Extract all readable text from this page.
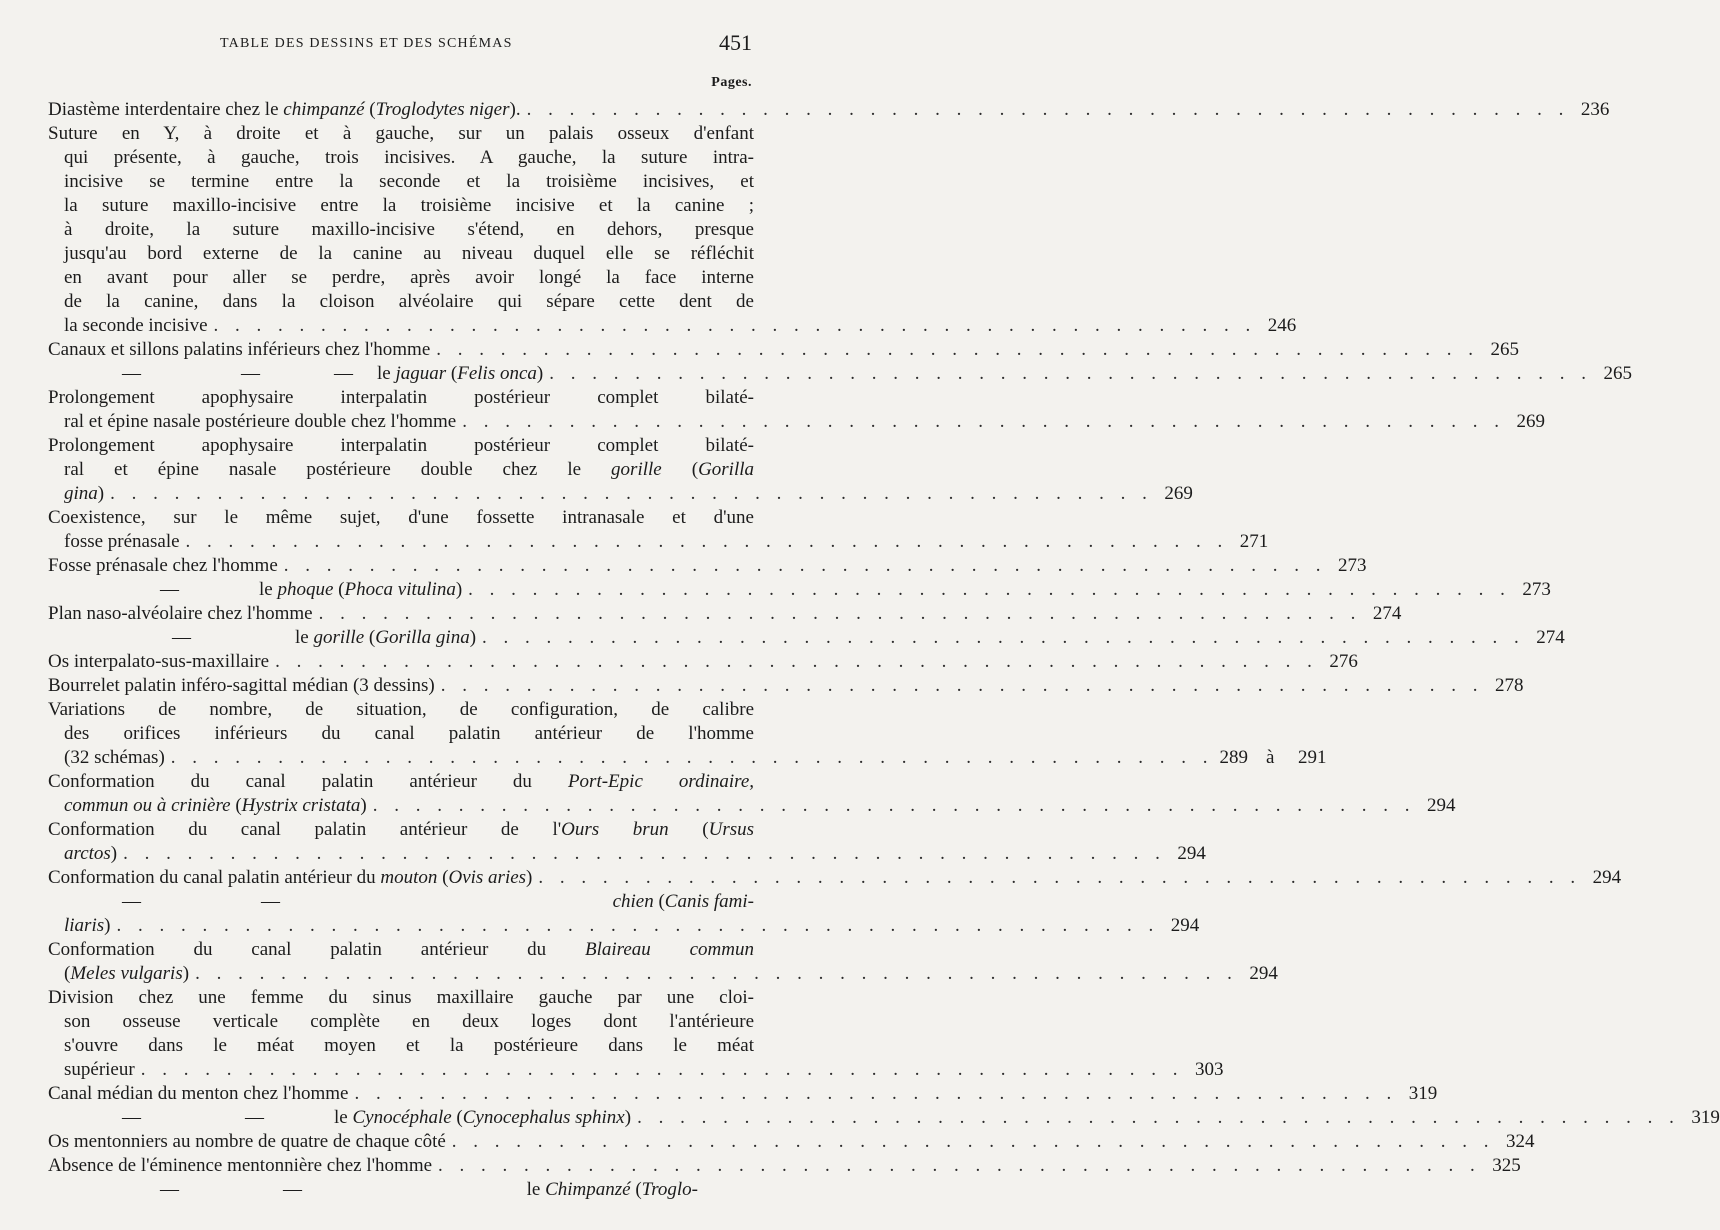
TABLE DES DESSINS ET DES SCHÉMAS	451
Pages.
Diastème interdentaire chez le chimpanzé (Troglodytes niger). . . . . . . . . . . . . . . . . . . . . . . . . . . . . . . . . . . . . . . . . . . . . . . . . . 236
Suture en Y, à droite et à gauche, sur un palais osseux d'enfant
qui présente, à gauche, trois incisives. A gauche, la suture intra-
incisive se termine entre la seconde et la troisième incisives, et
la suture maxillo-incisive entre la troisième incisive et la canine ;
à droite, la suture maxillo-incisive s'étend, en dehors, presque
jusqu'au bord externe de la canine au niveau duquel elle se réfléchit
en avant pour aller se perdre, après avoir longé la face interne
de la canine, dans la cloison alvéolaire qui sépare cette dent de
la seconde incisive . . . . . . . . . . . . . . . . . . . . . . . . . . . . . . . . . . . . . . . . . . . . . . . . . 246
Canaux et sillons palatins inférieurs chez l'homme . . . . . . . . . . . . . . . . . . . . . . . . . . . . . . . . . . . . . . . . . . . . . . . . . 265
—	—	— le jaguar (Felis onca) . . . . . . . . . . . . . . . . . . . . . . . . . . . . . . . . . . . . . . . . . . . . . . . . . 265
Prolongement apophysaire interpalatin postérieur complet bilaté-
ral et épine nasale postérieure double chez l'homme . . . . . . . . . . . . . . . . . . . . . . . . . . . . . . . . . . . . . . . . . . . . . . . . . 269
Prolongement apophysaire interpalatin postérieur complet bilaté-
ral et épine nasale postérieure double chez le gorille (Gorilla
gina) . . . . . . . . . . . . . . . . . . . . . . . . . . . . . . . . . . . . . . . . . . . . . . . . . 269
Coexistence, sur le même sujet, d'une fossette intranasale et d'une
fosse prénasale . . . . . . . . . . . . . . . . . . . . . . . . . . . . . . . . . . . . . . . . . . . . . . . . . 271
Fosse prénasale chez l'homme . . . . . . . . . . . . . . . . . . . . . . . . . . . . . . . . . . . . . . . . . . . . . . . . . 273
—	le phoque (Phoca vitulina) . . . . . . . . . . . . . . . . . . . . . . . . . . . . . . . . . . . . . . . . . . . . . . . . . 273
Plan naso-alvéolaire chez l'homme . . . . . . . . . . . . . . . . . . . . . . . . . . . . . . . . . . . . . . . . . . . . . . . . . 274
—	le gorille (Gorilla gina) . . . . . . . . . . . . . . . . . . . . . . . . . . . . . . . . . . . . . . . . . . . . . . . . . 274
Os interpalato-sus-maxillaire . . . . . . . . . . . . . . . . . . . . . . . . . . . . . . . . . . . . . . . . . . . . . . . . . 276
Bourrelet palatin inféro-sagittal médian (3 dessins) . . . . . . . . . . . . . . . . . . . . . . . . . . . . . . . . . . . . . . . . . . . . . . . . . 278
Variations de nombre, de situation, de configuration, de calibre
des orifices inférieurs du canal palatin antérieur de l'homme
(32 schémas) . . . . . . . . . . . . . . . . . . . . . . . . . . . . . . . . . . . . . . . . . . . . . . . . . 289 à	291
Conformation du canal palatin antérieur du Port-Epic ordinaire,
commun ou à crinière (Hystrix cristata) . . . . . . . . . . . . . . . . . . . . . . . . . . . . . . . . . . . . . . . . . . . . . . . . . 294
Conformation du canal palatin antérieur de l'Ours brun (Ursus
arctos) . . . . . . . . . . . . . . . . . . . . . . . . . . . . . . . . . . . . . . . . . . . . . . . . . 294
Conformation du canal palatin antérieur du mouton (Ovis aries) . . . . . . . . . . . . . . . . . . . . . . . . . . . . . . . . . . . . . . . . . . . . . . . . . 294
—	—	chien (Canis fami-
liaris) . . . . . . . . . . . . . . . . . . . . . . . . . . . . . . . . . . . . . . . . . . . . . . . . . 294
Conformation du canal palatin antérieur du Blaireau commun
(Meles vulgaris) . . . . . . . . . . . . . . . . . . . . . . . . . . . . . . . . . . . . . . . . . . . . . . . . . 294
Division chez une femme du sinus maxillaire gauche par une cloi-
son osseuse verticale complète en deux loges dont l'antérieure
s'ouvre dans le méat moyen et la postérieure dans le méat
supérieur . . . . . . . . . . . . . . . . . . . . . . . . . . . . . . . . . . . . . . . . . . . . . . . . . 303
Canal médian du menton chez l'homme . . . . . . . . . . . . . . . . . . . . . . . . . . . . . . . . . . . . . . . . . . . . . . . . . 319
—	—	le Cynocéphale (Cynocephalus sphinx) . . . . . . . . . . . . . . . . . . . . . . . . . . . . . . . . . . . . . . . . . . . . . . . . . 319
Os mentonniers au nombre de quatre de chaque côté . . . . . . . . . . . . . . . . . . . . . . . . . . . . . . . . . . . . . . . . . . . . . . . . . 324
Absence de l'éminence mentonnière chez l'homme . . . . . . . . . . . . . . . . . . . . . . . . . . . . . . . . . . . . . . . . . . . . . . . . . 325
—	—	le Chimpanzé (Troglo-
